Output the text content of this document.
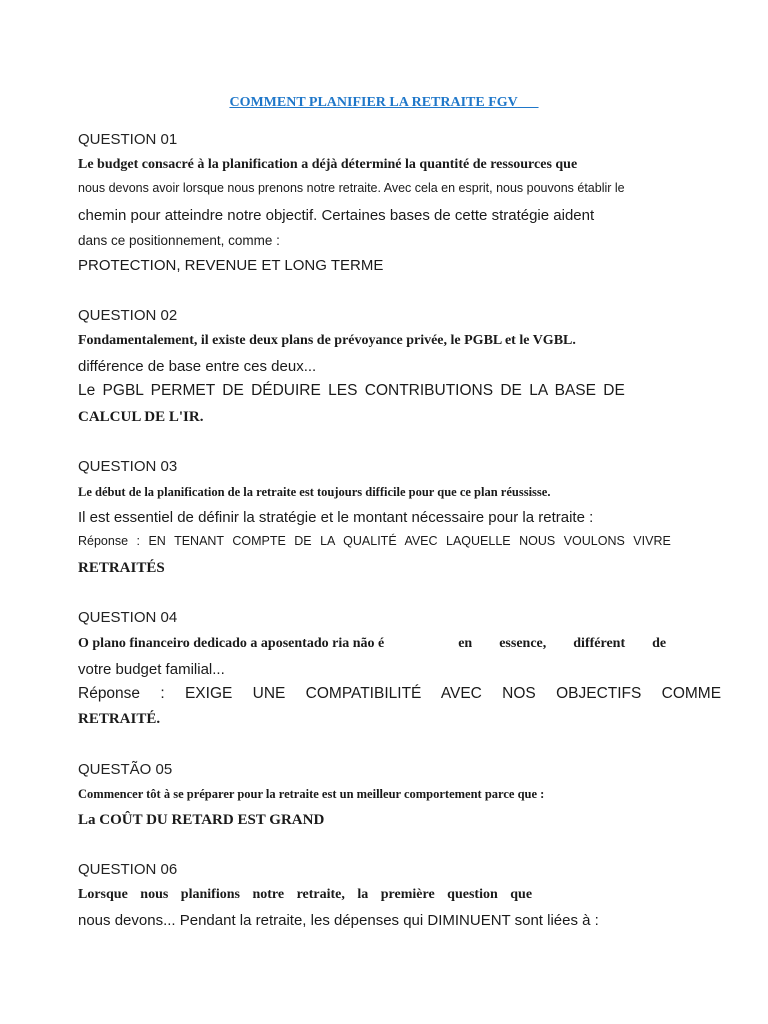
COMMENT PLANIFIER LA RETRAITE FGV

QUESTION 01

Le budget consacré à la planification a déjà déterminé la quantité de ressources que

nous devons avoir lorsque nous prenons notre retraite. Avec cela en esprit, nous pouvons établir le

chemin pour atteindre notre objectif. Certaines bases de cette stratégie aident

dans ce positionnement, comme :

PROTECTION, REVENUE ET LONG TERME

QUESTION 02

Fondamentalement, il existe deux plans de prévoyance privée, le PGBL et le VGBL.

différence de base entre ces deux...

Le PGBL PERMET DE DÉDUIRE LES CONTRIBUTIONS DE LA BASE DE

CALCUL DE L'IR.

QUESTION 03

Le début de la planification de la retraite est toujours difficile pour que ce plan réussisse.

Il est essentiel de définir la stratégie et le montant nécessaire pour la retraite :

Réponse : EN TENANT COMPTE DE LA QUALITÉ AVEC LAQUELLE NOUS VOULONS VIVRE

RETRAITÉS

QUESTION 04

O plano financeiro dedicado a aposentado ria não é	en essence, différent de

votre budget familial...

Réponse : EXIGE UNE COMPATIBILITÉ AVEC NOS OBJECTIFS COMME

RETRAITÉ.

QUESTÃO 05

Commencer tôt à se préparer pour la retraite est un meilleur comportement parce que :

La COÛT DU RETARD EST GRAND

QUESTION 06

Lorsque nous planifions notre retraite, la première question que

nous devons... Pendant la retraite, les dépenses qui DIMINUENT sont liées à :
